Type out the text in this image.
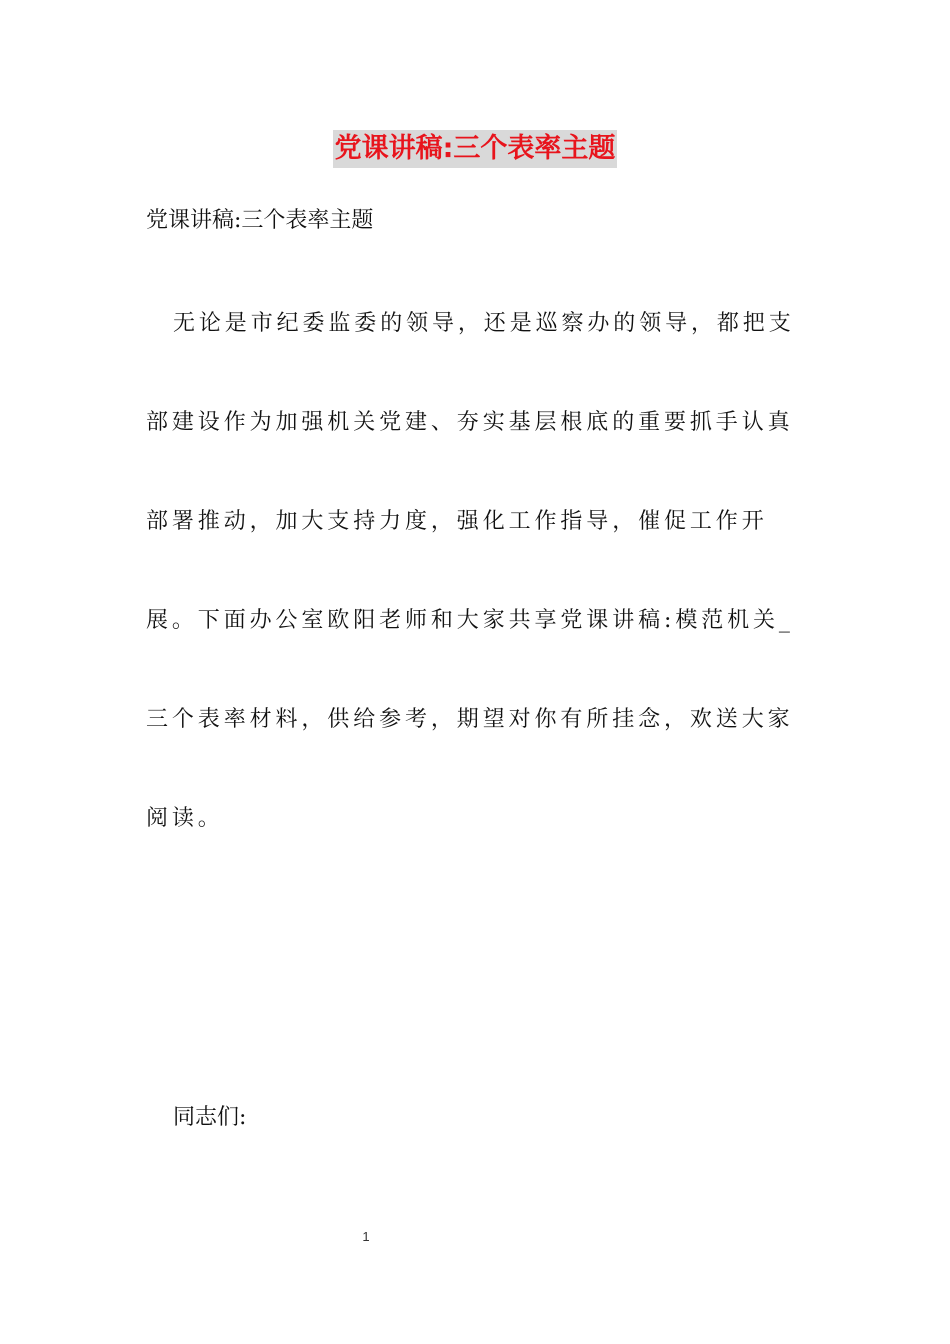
党课讲稿:三个表率主题
党课讲稿:三个表率主题
无论是市纪委监委的领导，还是巡察办的领导，都把支
部建设作为加强机关党建、夯实基层根底的重要抓手认真
部署推动，加大支持力度，强化工作指导，催促工作开
展。下面办公室欧阳老师和大家共享党课讲稿:模范机关_
三个表率材料，供给参考，期望对你有所挂念，欢送大家
阅读。
同志们:
1
